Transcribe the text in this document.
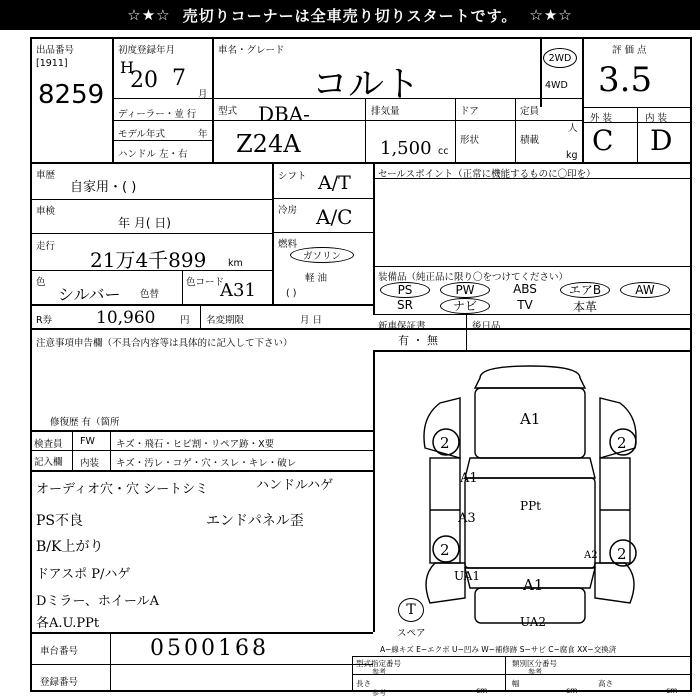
☆★☆ 売切りコーナーは全車売り切りスタートです。 ☆★☆
出品番号
[1911]
8259
初度登録年月
H
20 7
月
車名・グレード
コルト
2WD
4WD
評 価 点
3.5
ディーラー・並 行
モデル年式	年
ハンドル 左・右
型式 DBA-
Z24A
排気量
1,500 cc
ドア
形状
定員
人
積載
kg
外 装	内 装
C D
車歴
自家用・( )
車検
年 月( 日)
走行
21万4千899 km
色
シルバー 色替
色コード
A31
シフト A/T
冷房 A/C
燃料
ガソリン
軽 油
( )
セールスポイント（正常に機能するものに〇印を）
装備品（純正品に限り〇をつけてください）
PS	PW	ABS	エアB	AW
SR	ナビ	TV	本革
R券	10,960	円 名変期限	月 日
新車保証書
有 ・ 無
後日品
注意事項申告欄（不具合内容等は具体的に記入して下さい）
修復歴 有（箇所
検査員
記入欄
FW キズ・飛石・ヒビ割・リペア跡・X要
内装 キズ・汚レ・コゲ・穴・スレ・キレ・破レ
オーディオ穴・穴 シートシミ	ハンドルハゲ
PS不良	エンドパネル歪
B/K上がり
ドアスポ P/ハゲ
Dミラー、ホイールA
各A.U.PPt
A1
A1
A3
PPt
UA1	A1
UA2
A2
2	2
2	2
T
スペア
A−線キズ E−エクボ U−凹み W−補修跡 S−サビ C−腐食 XX−交換済
車台番号	0500168
登録番号
型式指定番号
参考
類別区分番号
参考
長さ
参考	cm
幅
cm
高さ
cm
